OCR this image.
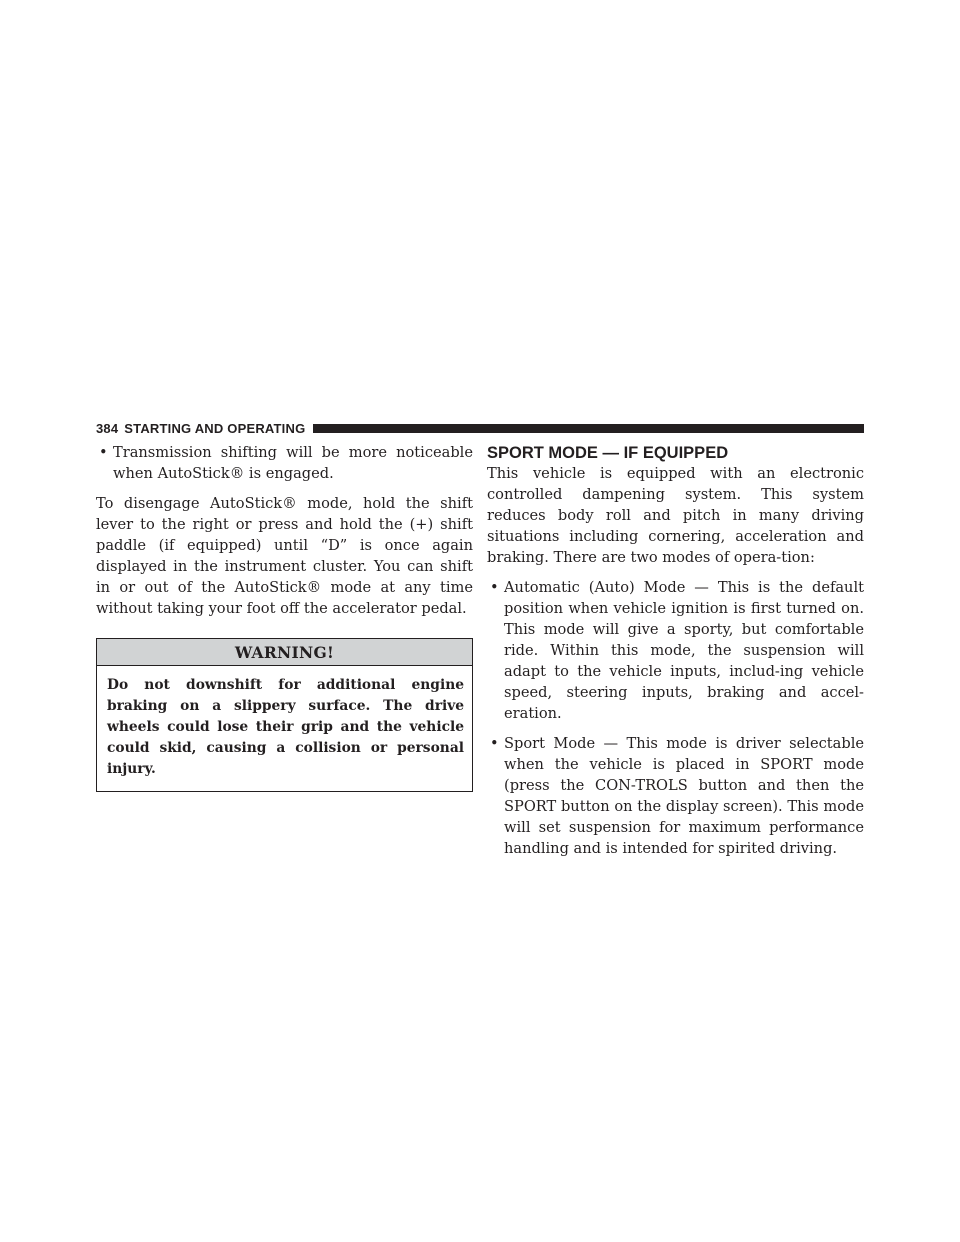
384 STARTING AND OPERATING

• Transmission shifting will be more noticeable when AutoStick® is engaged.

To disengage AutoStick® mode, hold the shift lever to the right or press and hold the (+) shift paddle (if equipped) until “D” is once again displayed in the instrument cluster. You can shift in or out of the AutoStick® mode at any time without taking your foot off the accelerator pedal.

WARNING!
Do not downshift for additional engine braking on a slippery surface. The drive wheels could lose their grip and the vehicle could skid, causing a collision or personal injury.
SPORT MODE — IF EQUIPPED

This vehicle is equipped with an electronic controlled dampening system. This system reduces body roll and pitch in many driving situations including cornering, acceleration and braking. There are two modes of opera-tion:

• Automatic (Auto) Mode — This is the default position when vehicle ignition is first turned on. This mode will give a sporty, but comfortable ride. Within this mode, the suspension will adapt to the vehicle inputs, includ-ing vehicle speed, steering inputs, braking and accel-eration.

• Sport Mode — This mode is driver selectable when the vehicle is placed in SPORT mode (press the CON-TROLS button and then the SPORT button on the display screen). This mode will set suspension for maximum performance handling and is intended for spirited driving.
